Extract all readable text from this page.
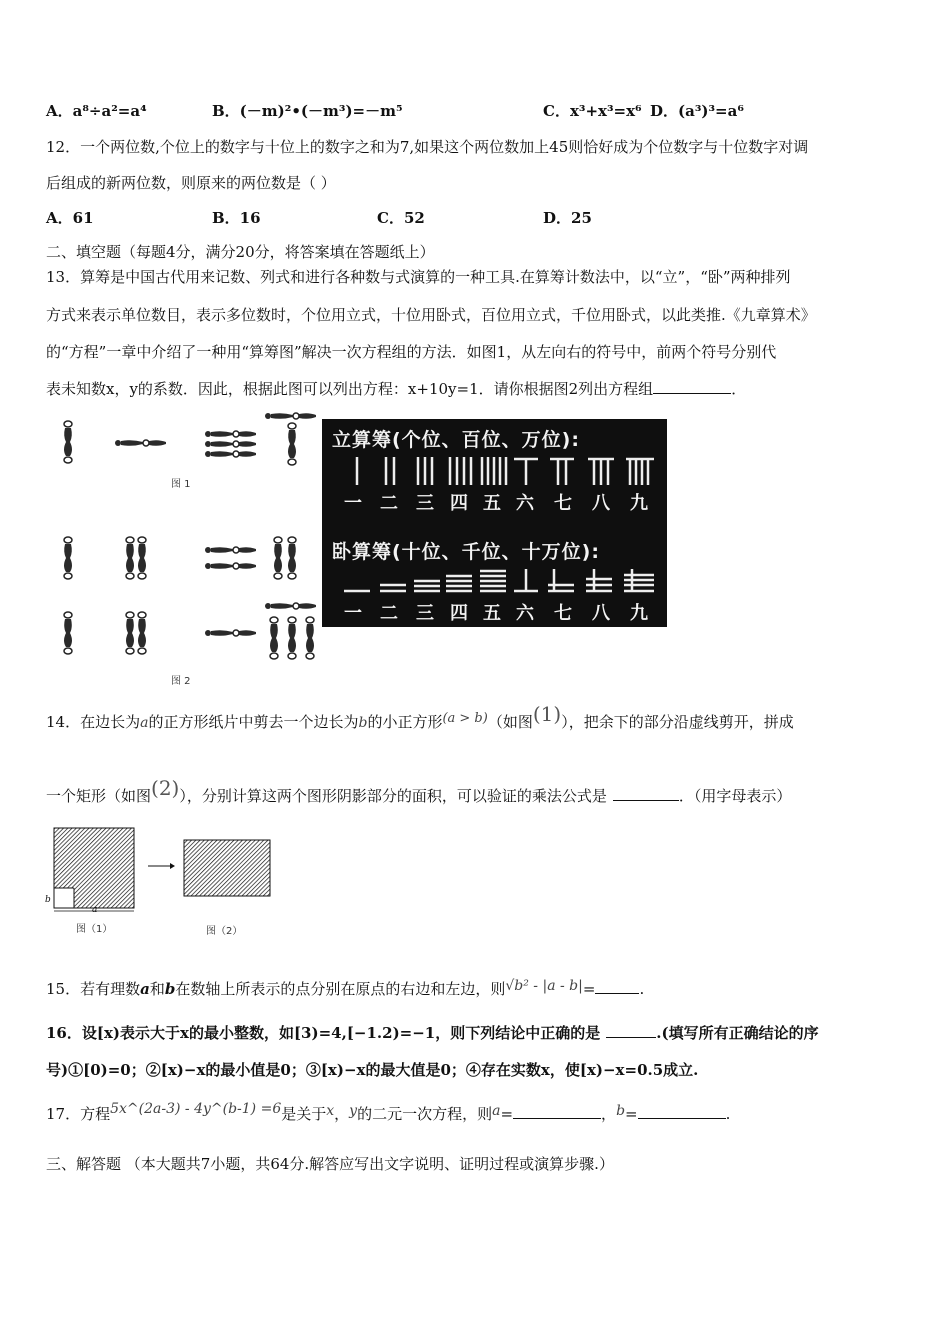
A．a⁸÷a²=a⁴	B．(－m)²•(－m³)=－m⁵	C．x³+x³=x⁶ D．(a³)³=a⁶
12．一个两位数,个位上的数字与十位上的数字之和为7,如果这个两位数加上45则恰好成为个位数字与十位数字对调
后组成的新两位数，则原来的两位数是（ ）
A．61	B．16	C．52	D．25
二、填空题（每题4分，满分20分，将答案填在答题纸上）
13．算筹是中国古代用来记数、列式和进行各种数与式演算的一种工具.在算筹计数法中，以“立”，“卧”两种排列
方式来表示单位数目，表示多位数时，个位用立式，十位用卧式，百位用立式，千位用卧式，以此类推.《九章算术》
的“方程”一章中介绍了一种用“算筹图”解决一次方程组的方法．如图1，从左向右的符号中，前两个符号分别代
表未知数x，y的系数．因此，根据此图可以列出方程：x+10y=1．请你根据图2列出方程组	．
图 1
图 2
立算筹(个位、百位、万位):
一 二 三 四 五 六 七 八 九
卧算筹(十位、千位、十万位):
一 二 三 四 五 六 七 八 九
14．在边长为a的正方形纸片中剪去一个边长为b的小正方形(a > b)（如图(1)），把余下的部分沿虚线剪开，拼成
一个矩形（如图(2)），分别计算这两个图形阴影部分的面积，可以验证的乘法公式是	．（用字母表示）
a
b
图（1）	图（2）
15．若有理数a和b在数轴上所表示的点分别在原点的右边和左边，则√b² - |a - b|=	.
16．设[x)表示大于x的最小整数，如[3)=4,[−1.2)=−1，则下列结论中正确的是	.(填写所有正确结论的序
号)①[0)=0；②[x)−x的最小值是0；③[x)−x的最大值是0；④存在实数x，使[x)−x=0.5成立.
17．方程5x^(2a-3) - 4y^(b-1) =6是关于x，y的二元一次方程，则a=	，b=	.
三、解答题 （本大题共7小题，共64分.解答应写出文字说明、证明过程或演算步骤.）
